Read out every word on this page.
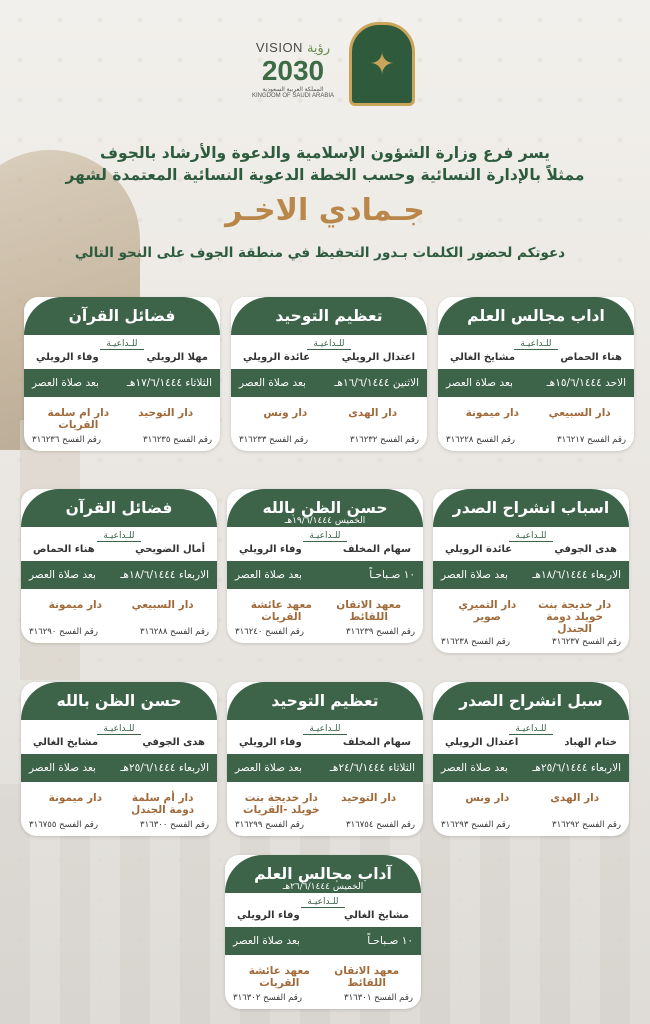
✦
VISION رؤية
2030
المملكة العربية السعودية
KINGDOM OF SAUDI ARABIA
يسر فرع وزارة الشؤون الإسلامية والدعوة والأرشاد بالجوف
ممثلاً بالإدارة النسائية وحسب الخطة الدعوية النسائية المعتمدة لشهر
جـمادي الاخـر
دعوتكم لحضور الكلمات بـدور التحفيظ في منطقة الجوف على النحو التالي
اداب مجالس العلم
للـداعيـة
هناء الحماص
مشايخ الغالي
الاحد ١٥/٦/١٤٤٤هـ
بعد صلاة العصر
دار السبيعي
دار ميمونة
رقم الفسح ٣١٦٢١٧
رقم الفسح ٣١٦٢٢٨
تعظيم التوحيد
للـداعيـة
اعتدال الرويلي
عائدة الرويلي
الاثنين ١٦/٦/١٤٤٤هـ
بعد صلاة العصر
دار الهدى
دار ونس
رقم الفسح ٣١٦٢٣٢
رقم الفسح ٣١٦٢٣٣
فضائل القرآن
للـداعيـة
مهلا الرويلي
وفاء الرويلي
الثلاثاء ١٧/٦/١٤٤٤هـ
بعد صلاة العصر
دار التوحيد
دار ام سلمة القريات
رقم الفسح ٣١٦٢٣٥
رقم الفسح ٣١٦٢٣٦
اسباب انشراح الصدر
للـداعيـة
هدى الجوفي
عائدة الرويلي
الاربعاء ١٨/٦/١٤٤٤هـ
بعد صلاة العصر
دار خديجة بنت خويلد دومة الجندل
دار الثميري صوير
رقم الفسح ٣١٦٢٣٧
رقم الفسح ٣١٦٢٣٨
حسن الظن بالله
الخميس ١٩/٦/١٤٤٤هـ
للـداعيـة
سهام المخلف
وفاء الرويلي
١٠ صـباحـاً
بعد صلاة العصر
معهد الاتقان اللقائط
معهد عائشة القريات
رقم الفسح ٣١٦٢٣٩
رقم الفسح ٣١٦٢٤٠
فضائل القرآن
للـداعيـة
أمال الضويحي
هناء الحماص
الاربعاء ١٨/٦/١٤٤٤هـ
بعد صلاة العصر
دار السبيعي
دار ميمونة
رقم الفسح ٣١٦٢٨٨
رقم الفسح ٣١٦٢٩٠
سبل انشراح الصدر
للـداعيـة
ختام الهباد
اعتدال الرويلي
الاربعاء ٢٥/٦/١٤٤٤هـ
بعد صلاة العصر
دار الهدى
دار ونس
رقم الفسح ٣١٦٢٩٢
رقم الفسح ٣١٦٢٩٣
تعظيم التوحيد
للـداعيـة
سهام المخلف
وفاء الرويلي
الثلاثاء ٢٤/٦/١٤٤٤هـ
بعد صلاة العصر
دار التوحيد
دار خديجة بنت خويلد -القريات
رقم الفسح ٣١٦٧٥٤
رقم الفسح ٣١٦٢٩٩
حسن الظن بالله
للـداعيـة
هدى الجوفي
مشايخ الغالي
الاربعاء ٢٥/٦/١٤٤٤هـ
بعد صلاة العصر
دار أم سلمة دومة الجندل
دار ميمونة
رقم الفسح ٣١٦٣٠٠
رقم الفسح ٣١٦٧٥٥
آداب مجالس العلم
الخميس ٢٦/٦/١٤٤٤هـ
للـداعيـة
مشايخ الغالي
وفاء الرويلي
١٠ صـباحـاً
بعد صلاة العصر
معهد الاتقان اللقائط
معهد عائشة القريات
رقم الفسح ٣١٦٣٠١
رقم الفسح ٣١٦٣٠٢
